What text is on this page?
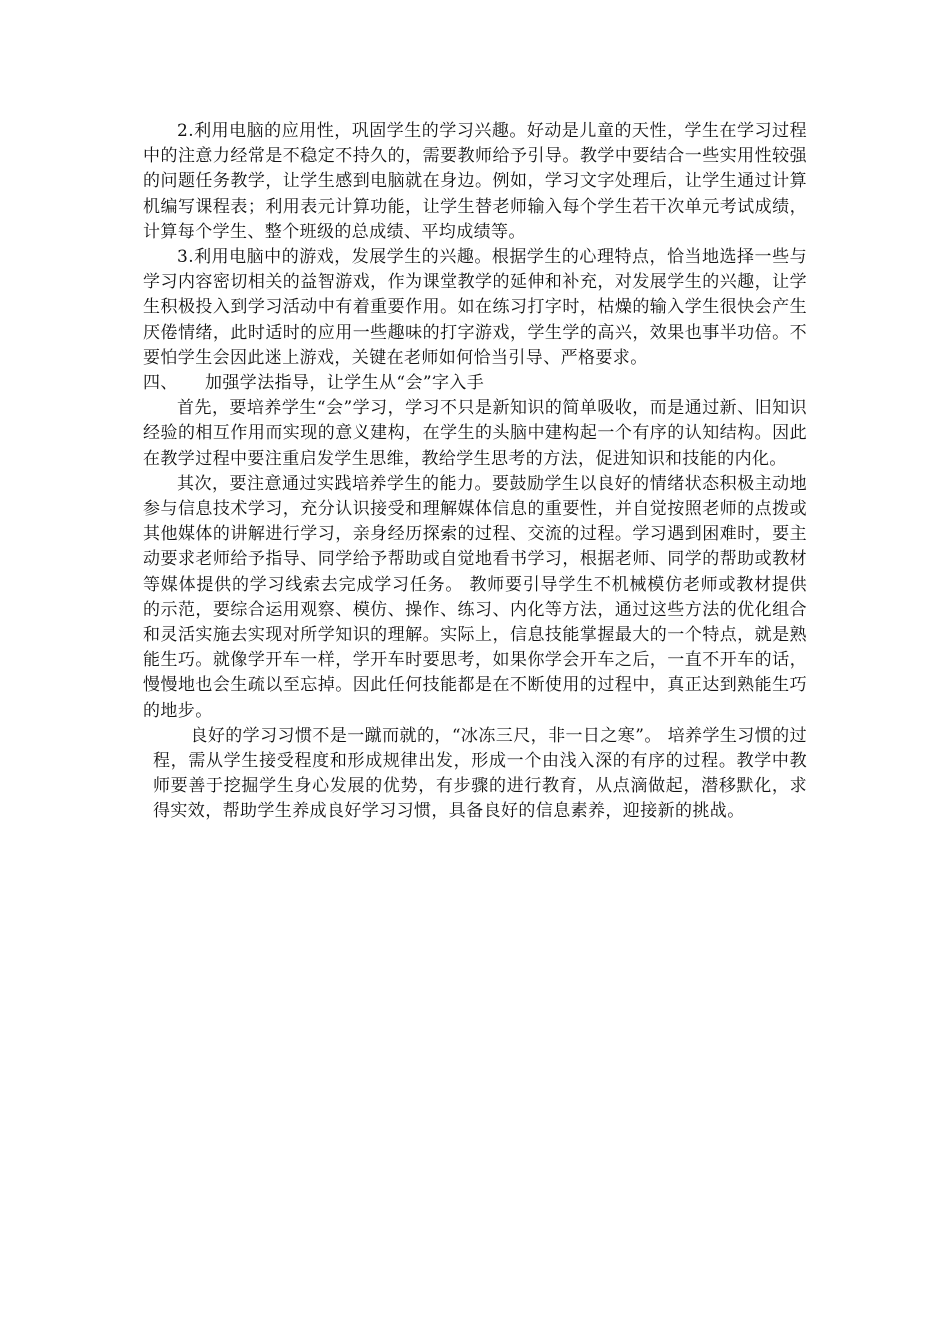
2.利用电脑的应用性，巩固学生的学习兴趣。好动是儿童的天性，学生在学习过程中的注意力经常是不稳定不持久的，需要教师给予引导。教学中要结合一些实用性较强的问题任务教学，让学生感到电脑就在身边。例如，学习文字处理后，让学生通过计算机编写课程表；利用表元计算功能，让学生替老师输入每个学生若干次单元考试成绩，计算每个学生、整个班级的总成绩、平均成绩等。

3.利用电脑中的游戏，发展学生的兴趣。根据学生的心理特点，恰当地选择一些与学习内容密切相关的益智游戏，作为课堂教学的延伸和补充，对发展学生的兴趣，让学生积极投入到学习活动中有着重要作用。如在练习打字时，枯燥的输入学生很快会产生厌倦情绪，此时适时的应用一些趣味的打字游戏，学生学的高兴，效果也事半功倍。不要怕学生会因此迷上游戏，关键在老师如何恰当引导、严格要求。

四、 加强学法指导，让学生从“会”字入手

首先，要培养学生“会”学习，学习不只是新知识的简单吸收，而是通过新、旧知识经验的相互作用而实现的意义建构，在学生的头脑中建构起一个有序的认知结构。因此在教学过程中要注重启发学生思维，教给学生思考的方法，促进知识和技能的内化。

其次，要注意通过实践培养学生的能力。要鼓励学生以良好的情绪状态积极主动地参与信息技术学习，充分认识接受和理解媒体信息的重要性，并自觉按照老师的点拨或其他媒体的讲解进行学习，亲身经历探索的过程、交流的过程。学习遇到困难时，要主动要求老师给予指导、同学给予帮助或自觉地看书学习，根据老师、同学的帮助或教材等媒体提供的学习线索去完成学习任务。 教师要引导学生不机械模仿老师或教材提供的示范，要综合运用观察、模仿、操作、练习、内化等方法，通过这些方法的优化组合和灵活实施去实现对所学知识的理解。实际上，信息技能掌握最大的一个特点，就是熟能生巧。就像学开车一样，学开车时要思考，如果你学会开车之后，一直不开车的话，慢慢地也会生疏以至忘掉。因此任何技能都是在不断使用的过程中，真正达到熟能生巧的地步。

良好的学习习惯不是一蹴而就的，“冰冻三尺，非一日之寒”。 培养学生习惯的过程，需从学生接受程度和形成规律出发，形成一个由浅入深的有序的过程。教学中教师要善于挖掘学生身心发展的优势，有步骤的进行教育，从点滴做起，潜移默化，求得实效，帮助学生养成良好学习习惯，具备良好的信息素养，迎接新的挑战。
